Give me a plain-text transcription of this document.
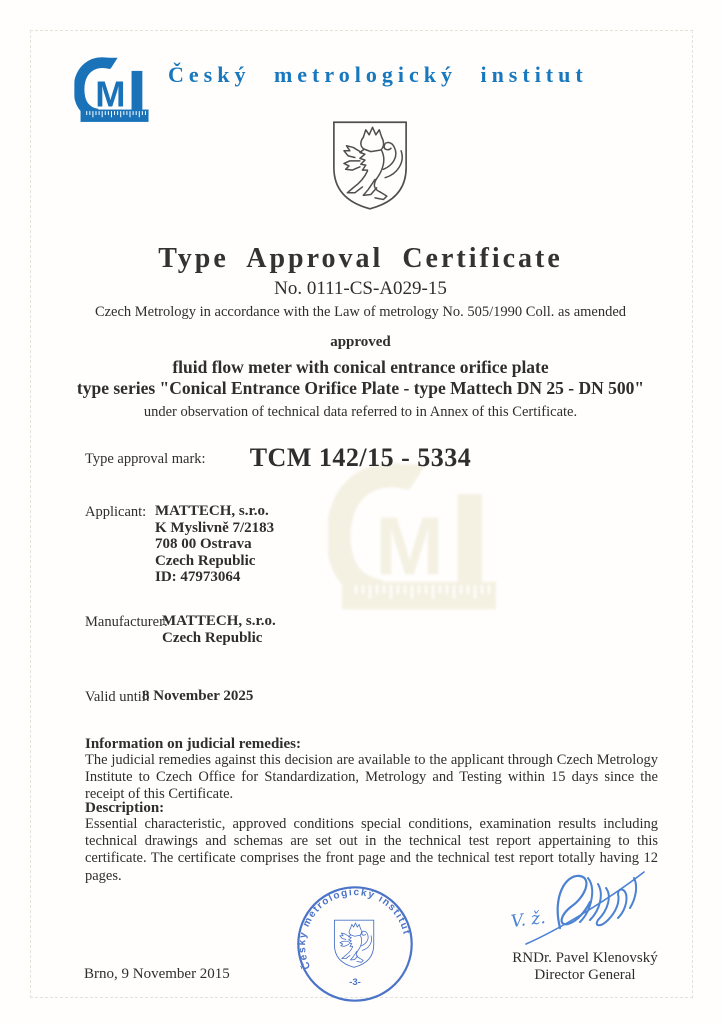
Český metrologický institut
Type Approval Certificate
No. 0111-CS-A029-15
Czech Metrology in accordance with the Law of metrology No. 505/1990 Coll. as amended
approved
fluid flow meter with conical entrance orifice plate
type series "Conical Entrance Orifice Plate - type Mattech DN 25 - DN 500"
under observation of technical data referred to in Annex of this Certificate.
Type approval mark:	TCM 142/15 - 5334
Applicant: MATTECH, s.r.o.
K Myslivně 7/2183
708 00 Ostrava
Czech Republic
ID: 47973064
Manufacturer:
MATTECH, s.r.o.
Czech Republic
Valid until:
8 November 2025
Information on judicial remedies:
The judicial remedies against this decision are available to the applicant through Czech Metrology Institute to Czech Office for Standardization, Metrology and Testing within 15 days since the receipt of this Certificate.
Description:
Essential characteristic, approved conditions special conditions, examination results including technical drawings and schemas are set out in the technical test report appertaining to this certificate. The certificate comprises the front page and the technical test report totally having 12 pages.
Brno, 9 November 2015
Český metrologický institut
-3-
V. ž.
RNDr. Pavel Klenovský
Director General
